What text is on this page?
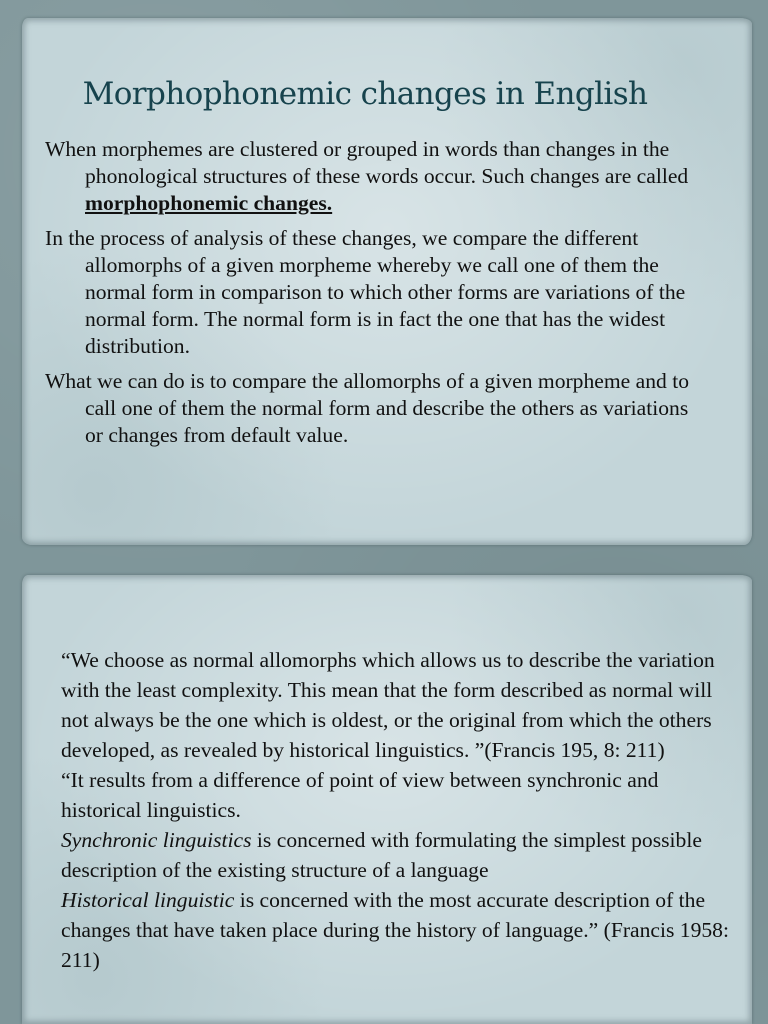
Morphophonemic changes in English

When morphemes are clustered or grouped in words than changes in the phonological structures of these words occur. Such changes are called morphophonemic changes.

In the process of analysis of these changes, we compare the different allomorphs of a given morpheme whereby we call one of them the normal form in comparison to which other forms are variations of the normal form. The normal form is in fact the one that has the widest distribution.

What we can do is to compare the allomorphs of a given morpheme and to call one of them the normal form and describe the others as variations or changes from default value.

“We choose as normal allomorphs which allows us to describe the variation with the least complexity. This mean that the form described as normal will not always be the one which is oldest, or the original from which the others developed, as revealed by historical linguistics. ”(Francis 195, 8: 211)

“It results from a difference of point of view between synchronic and historical linguistics.

Synchronic linguistics is concerned with formulating the simplest possible description of the existing structure of a language

Historical linguistic is concerned with the most accurate description of the changes that have taken place during the history of language.” (Francis 1958: 211)
